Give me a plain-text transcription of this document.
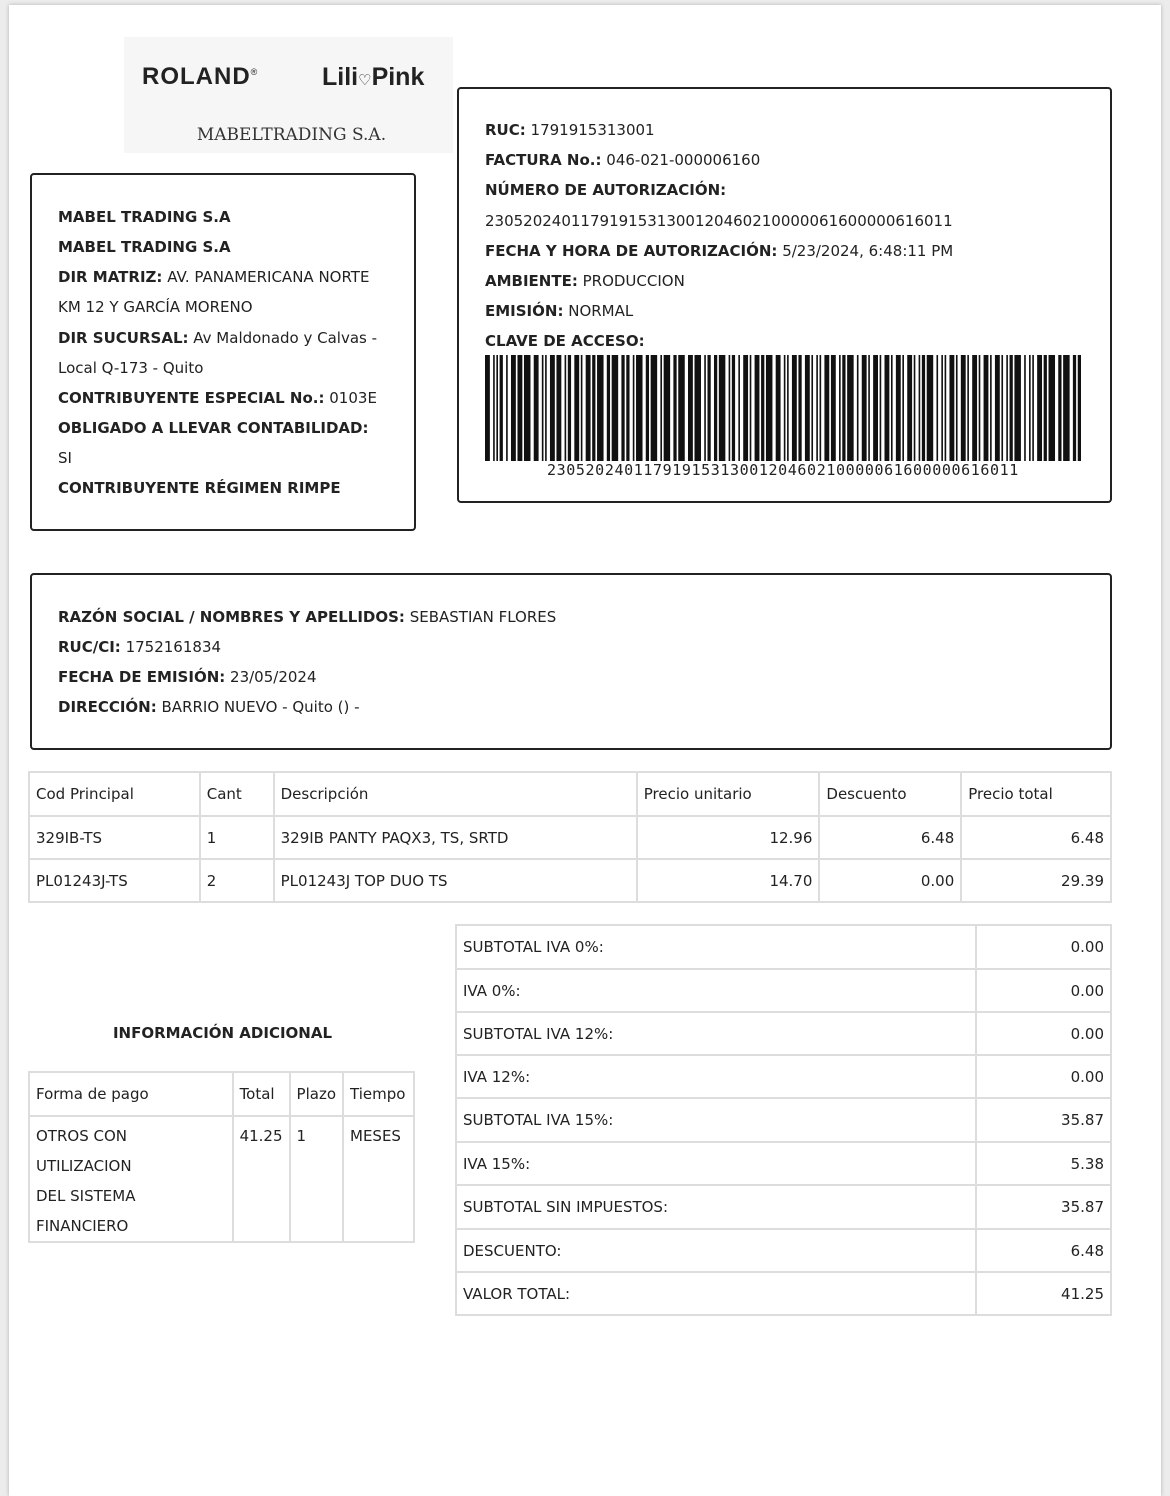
ROLAND®	Lili♡Pink
MABELTRADING S.A.
MABEL TRADING S.A
MABEL TRADING S.A
DIR MATRIZ: AV. PANAMERICANA NORTE
KM 12 Y GARCÍA MORENO
DIR SUCURSAL: Av Maldonado y Calvas -
Local Q-173 - Quito
CONTRIBUYENTE ESPECIAL No.: 0103E
OBLIGADO A LLEVAR CONTABILIDAD:
SI
CONTRIBUYENTE RÉGIMEN RIMPE
RUC: 1791915313001
FACTURA No.: 046-021-000006160
NÚMERO DE AUTORIZACIÓN:
2305202401179191531300120460210000061600000616011
FECHA Y HORA DE AUTORIZACIÓN: 5/23/2024, 6:48:11 PM
AMBIENTE: PRODUCCION
EMISIÓN: NORMAL
CLAVE DE ACCESO:
2305202401179191531300120460210000061600000616011
RAZÓN SOCIAL / NOMBRES Y APELLIDOS: SEBASTIAN FLORES
RUC/CI: 1752161834
FECHA DE EMISIÓN: 23/05/2024
DIRECCIÓN: BARRIO NUEVO - Quito () -
Cod Principal	Cant	Descripción	Precio unitario	Descuento	Precio total
329IB-TS	1	329IB PANTY PAQX3, TS, SRTD	12.96	6.48	6.48
PL01243J-TS	2	PL01243J TOP DUO TS	14.70	0.00	29.39
INFORMACIÓN ADICIONAL
Forma de pago	Total	Plazo	Tiempo

OTROS CON UTILIZACION
DEL SISTEMA
FINANCIERO	41.25	1	MESES
SUBTOTAL IVA 0%:	0.00
IVA 0%:	0.00
SUBTOTAL IVA 12%:	0.00
IVA 12%:	0.00
SUBTOTAL IVA 15%:	35.87
IVA 15%:	5.38
SUBTOTAL SIN IMPUESTOS:	35.87
DESCUENTO:	6.48
VALOR TOTAL:	41.25
